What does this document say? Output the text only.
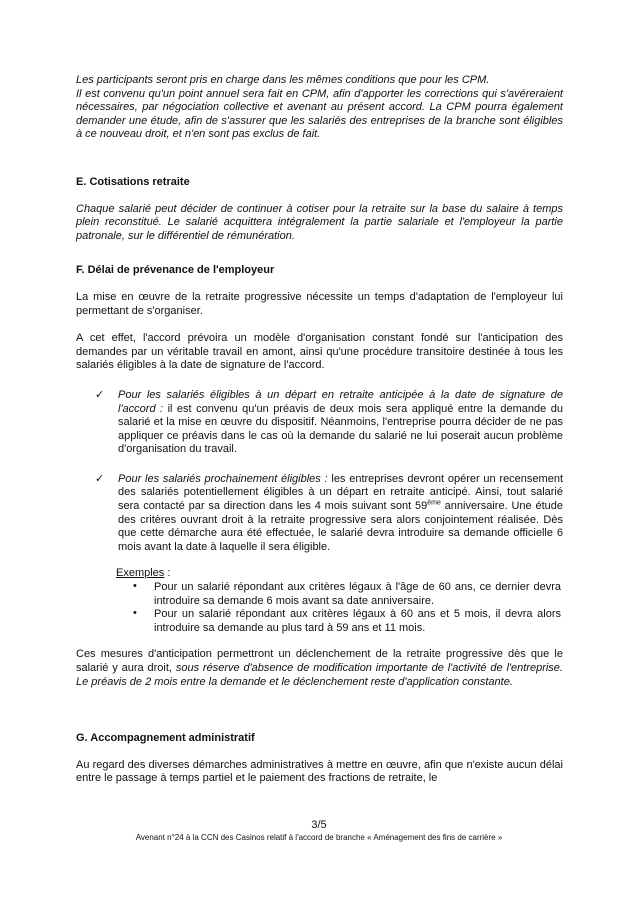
Les participants seront pris en charge dans les mêmes conditions que pour les CPM.
Il est convenu qu'un point annuel sera fait en CPM, afin d'apporter les corrections qui s'avéreraient nécessaires, par négociation collective et avenant au présent accord. La CPM pourra également demander une étude, afin de s'assurer que les salariés des entreprises de la branche sont éligibles à ce nouveau droit, et n'en sont pas exclus de fait.

E. Cotisations retraite

Chaque salarié peut décider de continuer à cotiser pour la retraite sur la base du salaire à temps plein reconstitué. Le salarié acquittera intégralement la partie salariale et l'employeur la partie patronale, sur le différentiel de rémunération.

F. Délai de prévenance de l'employeur

La mise en œuvre de la retraite progressive nécessite un temps d'adaptation de l'employeur lui permettant de s'organiser.

A cet effet, l'accord prévoira un modèle d'organisation constant fondé sur l'anticipation des demandes par un véritable travail en amont, ainsi qu'une procédure transitoire destinée à tous les salariés éligibles à la date de signature de l'accord.

✓ Pour les salariés éligibles à un départ en retraite anticipée à la date de signature de l'accord : il est convenu qu'un préavis de deux mois sera appliqué entre la demande du salarié et la mise en œuvre du dispositif. Néanmoins, l'entreprise pourra décider de ne pas appliquer ce préavis dans le cas où la demande du salarié ne lui poserait aucun problème d'organisation du travail.
✓ Pour les salariés prochainement éligibles : les entreprises devront opérer un recensement des salariés potentiellement éligibles à un départ en retraite anticipé. Ainsi, tout salarié sera contacté par sa direction dans les 4 mois suivant sont 59ème anniversaire. Une étude des critères ouvrant droit à la retraite progressive sera alors conjointement réalisée. Dès que cette démarche aura été effectuée, le salarié devra introduire sa demande officielle 6 mois avant la date à laquelle il sera éligible.

Exemples :

• Pour un salarié répondant aux critères légaux à l'âge de 60 ans, ce dernier devra introduire sa demande 6 mois avant sa date anniversaire.
• Pour un salarié répondant aux critères légaux à 60 ans et 5 mois, il devra alors introduire sa demande au plus tard à 59 ans et 11 mois.

Ces mesures d'anticipation permettront un déclenchement de la retraite progressive dès que le salarié y aura droit, sous réserve d'absence de modification importante de l'activité de l'entreprise. Le préavis de 2 mois entre la demande et le déclenchement reste d'application constante.

G. Accompagnement administratif

Au regard des diverses démarches administratives à mettre en œuvre, afin que n'existe aucun délai entre le passage à temps partiel et le paiement des fractions de retraite, le

3/5
Avenant n°24 à la CCN des Casinos relatif à l'accord de branche « Aménagement des fins de carrière »
